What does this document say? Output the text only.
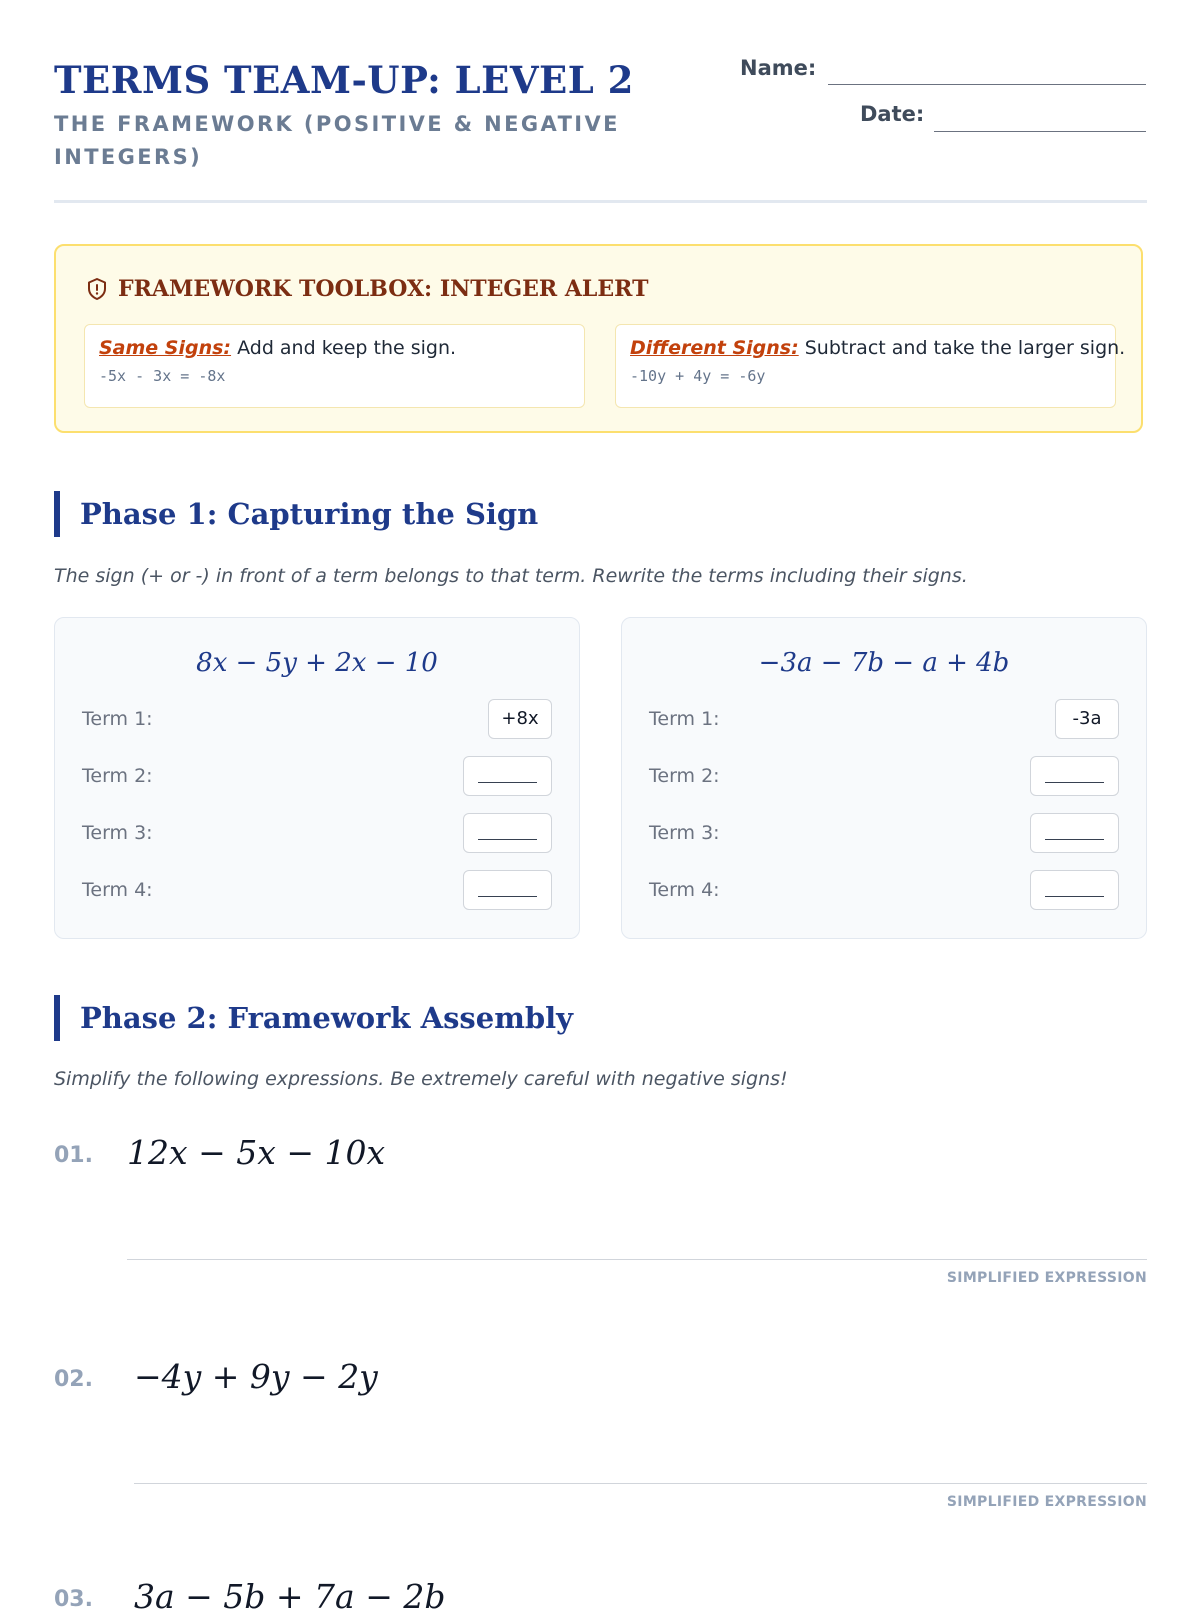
TERMS TEAM-UP: LEVEL 2
THE FRAMEWORK (POSITIVE & NEGATIVE INTEGERS)
Name:
Date:
FRAMEWORK TOOLBOX: INTEGER ALERT
Same Signs: Add and keep the sign.
-5x - 3x = -8x
Different Signs: Subtract and take the larger sign.
-10y + 4y = -6y
Phase 1: Capturing the Sign
The sign (+ or -) in front of a term belongs to that term. Rewrite the terms including their signs.
8x − 5y + 2x − 10
Term 1:	+8x
Term 2:
Term 3:
Term 4:
−3a − 7b − a + 4b
Term 1:	-3a
Term 2:
Term 3:
Term 4:
Phase 2: Framework Assembly
Simplify the following expressions. Be extremely careful with negative signs!
01. 12x − 5x − 10x
SIMPLIFIED EXPRESSION
02. −4y + 9y − 2y
SIMPLIFIED EXPRESSION
03. 3a − 5b + 7a − 2b
